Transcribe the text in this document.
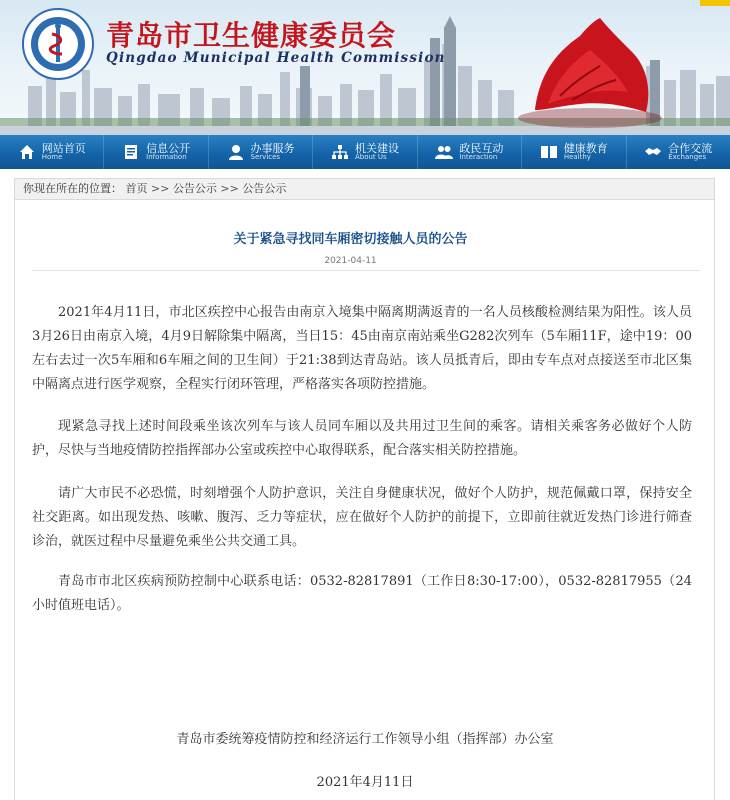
青岛市卫生健康委员会
Qingdao Municipal Health Commission
网站首页
Home
信息公开
Information
办事服务
Services
机关建设
About Us
政民互动
Interaction
健康教育
Healthy
合作交流
Exchanges
你现在所在的位置： 首页 >> 公告公示 >> 公告公示
关于紧急寻找同车厢密切接触人员的公告
2021-04-11

2021年4月11日，市北区疾控中心报告由南京入境集中隔离期满返青的一名人员核酸检测结果为阳性。该人员3月26日由南京入境，4月9日解除集中隔离，当日15：45由南京南站乘坐G282次列车（5车厢11F，途中19：00左右去过一次5车厢和6车厢之间的卫生间）于21:38到达青岛站。该人员抵青后，即由专车点对点接送至市北区集中隔离点进行医学观察，全程实行闭环管理，严格落实各项防控措施。

现紧急寻找上述时间段乘坐该次列车与该人员同车厢以及共用过卫生间的乘客。请相关乘客务必做好个人防护，尽快与当地疫情防控指挥部办公室或疾控中心取得联系，配合落实相关防控措施。

请广大市民不必恐慌，时刻增强个人防护意识，关注自身健康状况，做好个人防护，规范佩戴口罩，保持安全社交距离。如出现发热、咳嗽、腹泻、乏力等症状，应在做好个人防护的前提下，立即前往就近发热门诊进行筛查诊治，就医过程中尽量避免乘坐公共交通工具。

青岛市市北区疾病预防控制中心联系电话：0532-82817891（工作日8:30-17:00），0532-82817955（24小时值班电话）。

青岛市委统筹疫情防控和经济运行工作领导小组（指挥部）办公室
2021年4月11日
